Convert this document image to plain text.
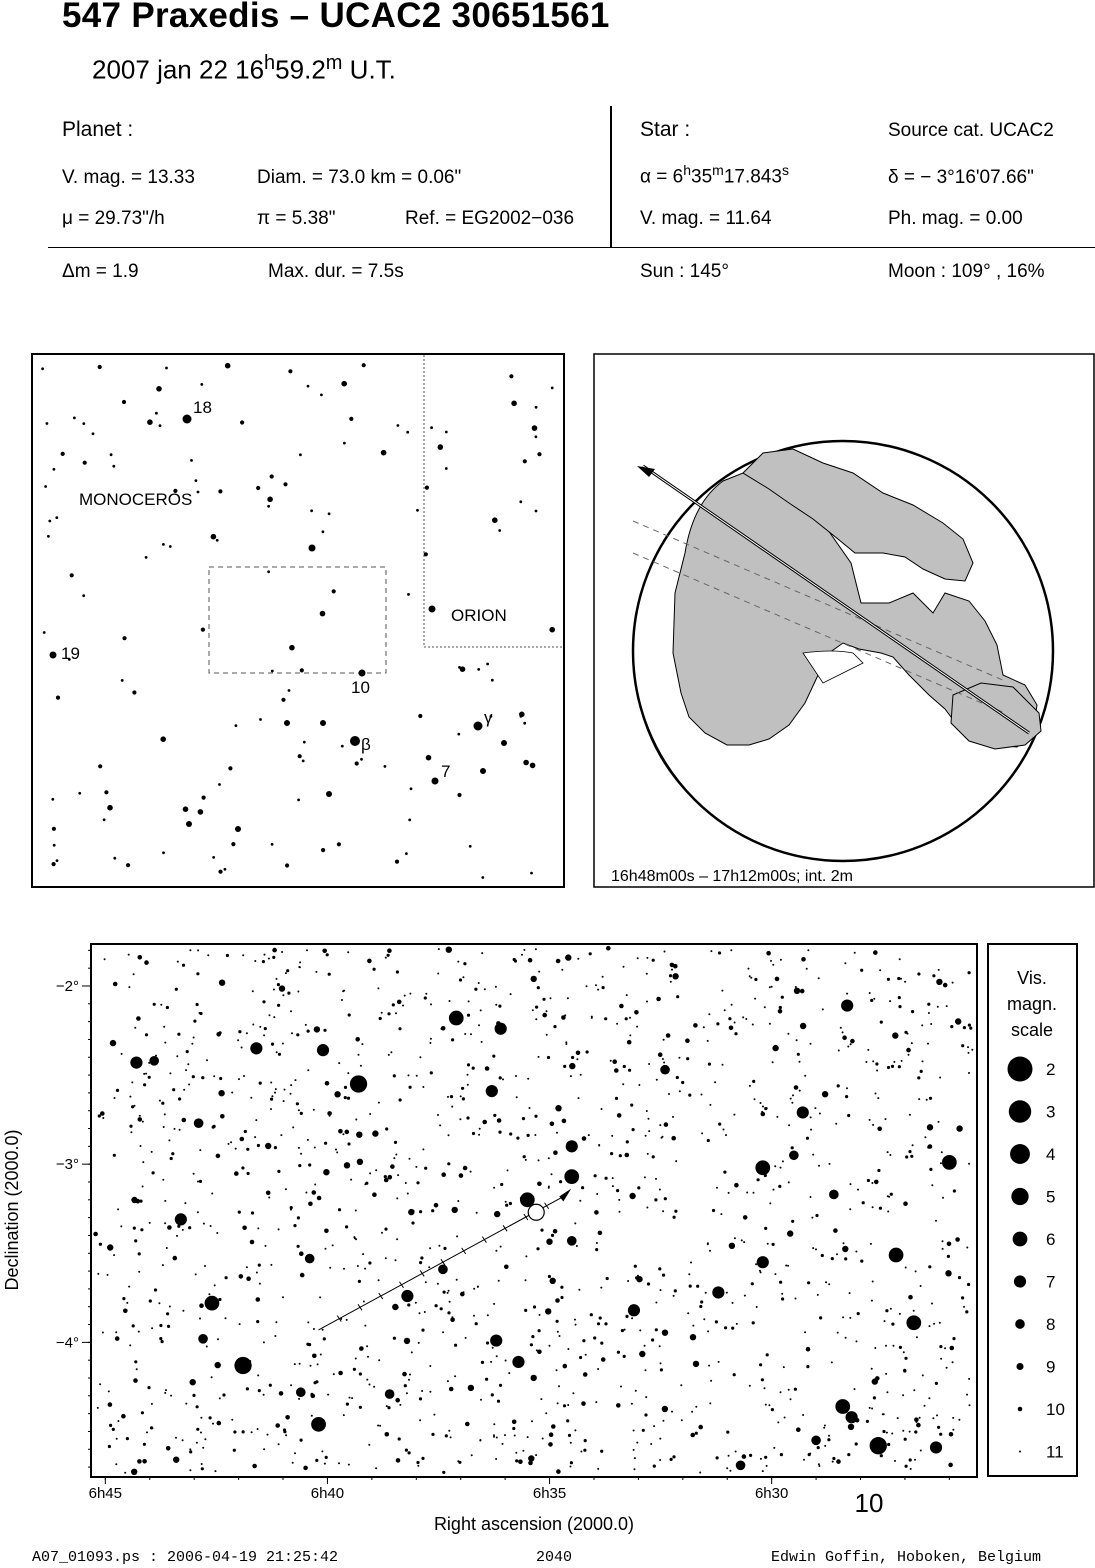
547 Praxedis – UCAC2 30651561
2007 jan 22 16$^h$59.2$^m$ U.T.
Planet :
V. mag. = 13.33	Diam. = 73.0 km = 0.06"
μ = 29.73"/h	π = 5.38"	Ref. = EG2002−036
Star :	Source cat. UCAC2
$\alpha = 6^h35^m17.843^s$	δ = − 3°16'07.66"
V. mag. = 11.64	Ph. mag. = 0.00
Δm = 1.9	Max. dur. = 7.5s	Sun : 145°	Moon : 109° , 16%
18
MONOCEROS
ORION
19
10
β
γ
7
16h48m00s – 17h12m00s; int. 2m
6h45	6h40	6h35	6h30
−2°
−3°
−4°
Right ascension (2000.0)
Declination (2000.0)
10
Vis.
magn.
scale
2
3
4
5
6
7
8
9
10
11
A07_01093.ps : 2006-04-19 21:25:42	2040	Edwin Goffin, Hoboken, Belgium
